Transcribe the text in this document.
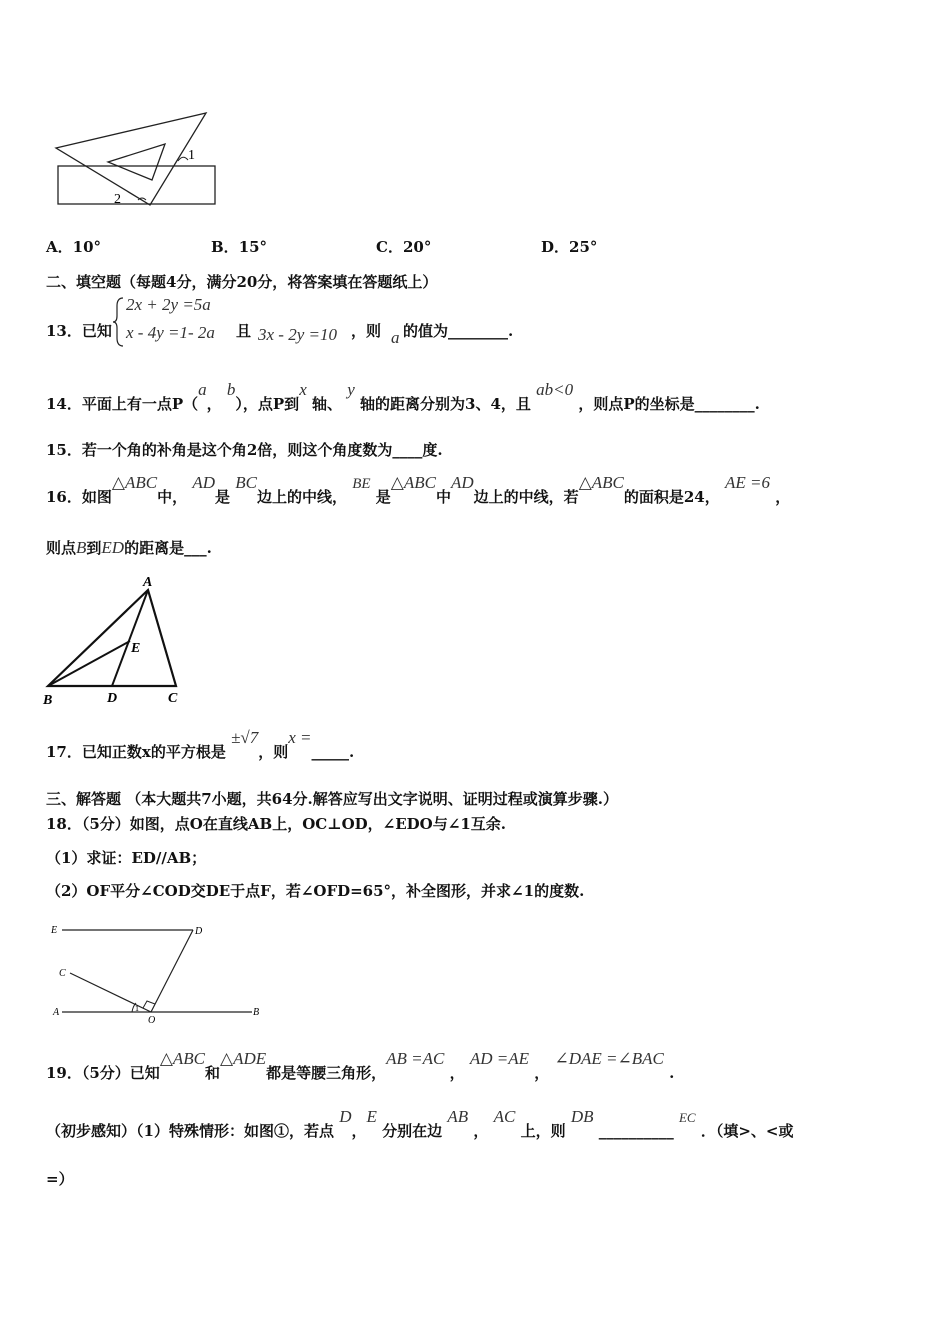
1
2
A．10°	B．15°	C．20°	D．25°
二、填空题（每题4分，满分20分，将答案填在答题纸上）
13．已知
2x + 2y =5a
x - 4y =1- 2a 且 3x - 2y =10 ，则 a 的值为________.
14．平面上有一点P（a， b），点P到x 轴、 y 轴的距离分别为3、4，且 ab<0 ，则点P的坐标是________.
15．若一个角的补角是这个角2倍，则这个角度数为____度.
16．如图△ABC中， AD是 BC边上的中线， BE 是△ABC中AD边上的中线，若△ABC的面积是24， AE =6 ，
则点B到ED的距离是___.
A
E
B	D	C
17．已知正数x的平方根是 ±√7，则x =_____.
三、解答题 （本大题共7小题，共64分.解答应写出文字说明、证明过程或演算步骤.）
18．（5分）如图，点O在直线AB上，OC⊥OD，∠EDO与∠1互余.
（1）求证：ED//AB；
（2）OF平分∠COD交DE于点F，若∠OFD=65°，补全图形，并求∠1的度数.
E	D
C
A
O
B
1
19．（5分）已知△ABC和△ADE都是等腰三角形，AB =AC ， AD =AE ， ∠DAE =∠BAC .
（初步感知）（1）特殊情形：如图①，若点 D，E 分别在边 AB ， AC 上，则 DB __________ EC ．（填>、<或
=）
